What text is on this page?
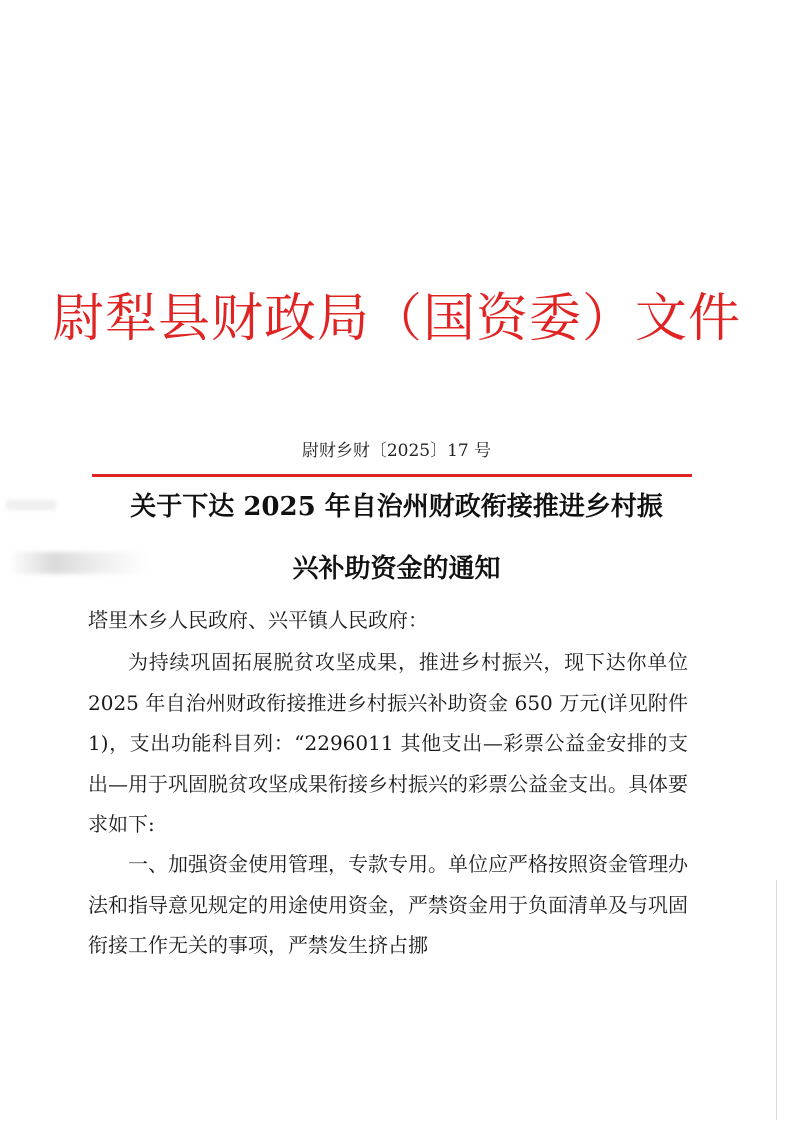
尉犁县财政局（国资委）文件
尉财乡财〔2025〕17 号
关于下达 2025 年自治州财政衔接推进乡村振
兴补助资金的通知
塔里木乡人民政府、兴平镇人民政府：
为持续巩固拓展脱贫攻坚成果，推进乡村振兴，现下达你单位 2025 年自治州财政衔接推进乡村振兴补助资金 650 万元(详见附件 1)，支出功能科目列：“2296011 其他支出—彩票公益金安排的支出—用于巩固脱贫攻坚成果衔接乡村振兴的彩票公益金支出。具体要求如下:
一、加强资金使用管理，专款专用。单位应严格按照资金管理办法和指导意见规定的用途使用资金，严禁资金用于负面清单及与巩固衔接工作无关的事项，严禁发生挤占挪
